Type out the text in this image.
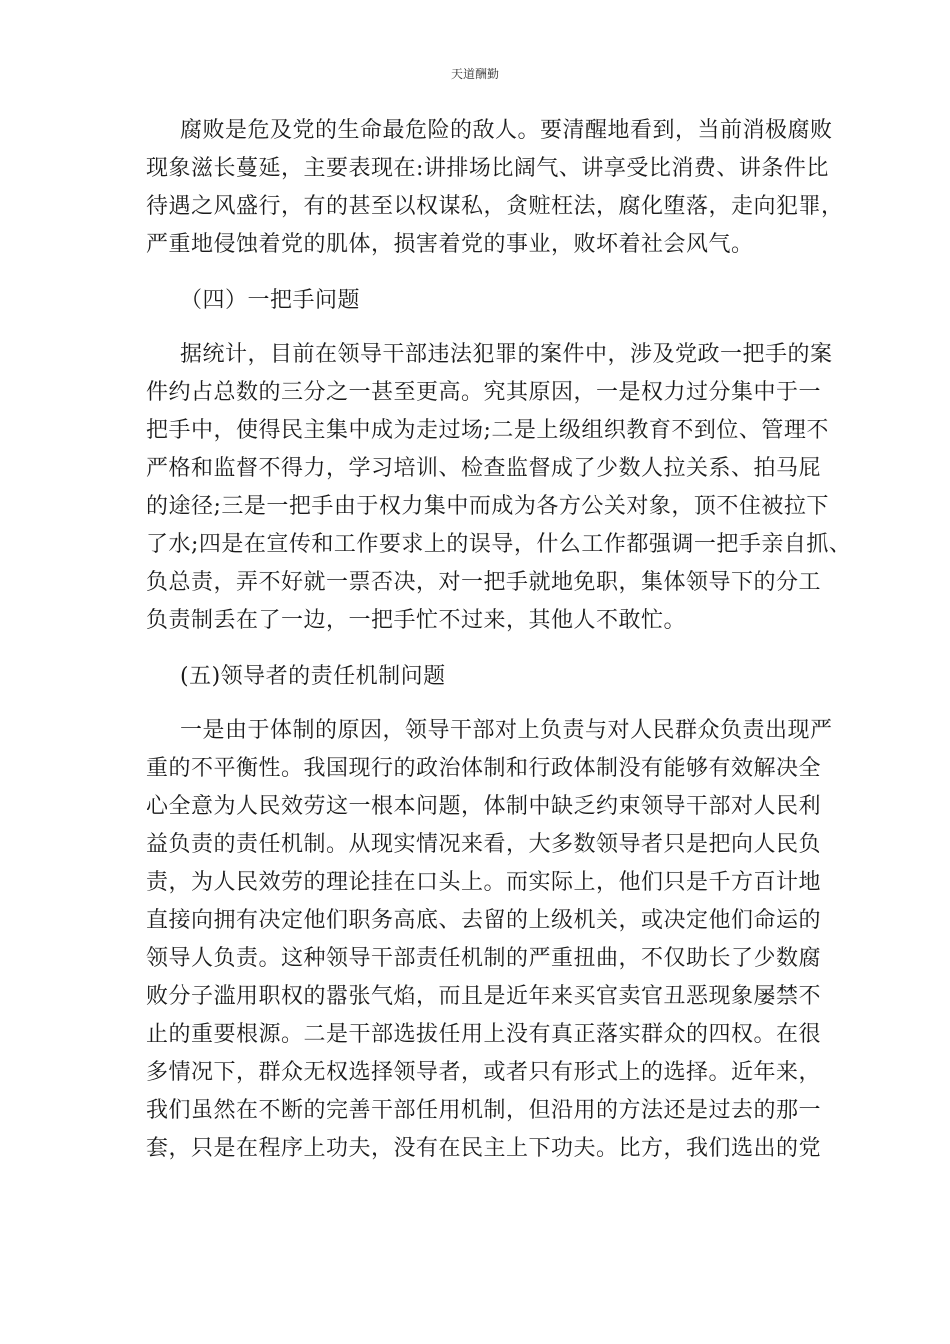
天道酬勤
腐败是危及党的生命最危险的敌人。要清醒地看到，当前消极腐败
现象滋长蔓延，主要表现在:讲排场比阔气、讲享受比消费、讲条件比
待遇之风盛行，有的甚至以权谋私，贪赃枉法，腐化堕落，走向犯罪，
严重地侵蚀着党的肌体，损害着党的事业，败坏着社会风气。
（四）一把手问题
据统计，目前在领导干部违法犯罪的案件中，涉及党政一把手的案
件约占总数的三分之一甚至更高。究其原因，一是权力过分集中于一
把手中，使得民主集中成为走过场;二是上级组织教育不到位、管理不
严格和监督不得力，学习培训、检查监督成了少数人拉关系、拍马屁
的途径;三是一把手由于权力集中而成为各方公关对象，顶不住被拉下
了水;四是在宣传和工作要求上的误导，什么工作都强调一把手亲自抓、
负总责，弄不好就一票否决，对一把手就地免职，集体领导下的分工
负责制丢在了一边，一把手忙不过来，其他人不敢忙。
(五)领导者的责任机制问题
一是由于体制的原因，领导干部对上负责与对人民群众负责出现严
重的不平衡性。我国现行的政治体制和行政体制没有能够有效解决全
心全意为人民效劳这一根本问题，体制中缺乏约束领导干部对人民利
益负责的责任机制。从现实情况来看，大多数领导者只是把向人民负
责，为人民效劳的理论挂在口头上。而实际上，他们只是千方百计地
直接向拥有决定他们职务高底、去留的上级机关，或决定他们命运的
领导人负责。这种领导干部责任机制的严重扭曲，不仅助长了少数腐
败分子滥用职权的嚣张气焰，而且是近年来买官卖官丑恶现象屡禁不
止的重要根源。二是干部选拔任用上没有真正落实群众的四权。在很
多情况下，群众无权选择领导者，或者只有形式上的选择。近年来，
我们虽然在不断的完善干部任用机制，但沿用的方法还是过去的那一
套，只是在程序上功夫，没有在民主上下功夫。比方，我们选出的党
